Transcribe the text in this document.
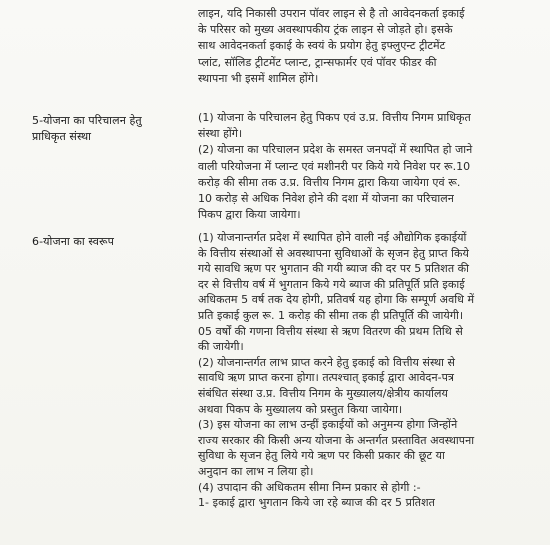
लाइन, यदि निकासी उपरान पॉवर लाइन से है तो आवेदनकर्ता इकाई
के परिसर को मुख्य अवस्थापकीय ट्रंक लाइन से जोड़ते हो। इसके
साथ आवेदनकर्ता इकाई के स्वयं के प्रयोग हेतु इफ्लुएन्ट ट्रीटमेंट
प्लांट, सॉलिड ट्रीटमेंट प्लान्ट, ट्रान्सफार्मर एवं पॉवर फीडर की
स्थापना भी इसमें शामिल होंगे।
5-योजना का परिचालन हेतु
प्राधिकृत संस्था
(1) योजना के परिचालन हेतु पिकप एवं उ.प्र. वित्तीय निगम प्राधिकृत
संस्था होंगे।
(2) योजना का परिचालन प्रदेश के समस्त जनपदों में स्थापित हो जाने
वाली परियोजना में प्लान्ट एवं मशीनरी पर किये गये निवेश पर रू.10
करोड़ की सीमा तक उ.प्र. वित्तीय निगम द्वारा किया जायेगा एवं रू.
10 करोड़ से अधिक निवेश होने की दशा में योजना का परिचालन
पिकप द्वारा किया जायेगा।
6-योजना का स्वरूप	(1) योजनान्तर्गत प्रदेश में स्थापित होने वाली नई औद्योगिक इकाईयों
के वित्तीय संस्थाओं से अवस्थापना सुविधाओं के सृजन हेतु प्राप्त किये
गये सावधि ऋण पर भुगतान की गयी ब्याज की दर पर 5 प्रतिशत की
दर से वित्तीय वर्ष में भुगतान किये गये ब्याज की प्रतिपूर्ति प्रति इकाई
अधिकतम 5 वर्ष तक देय होगी, प्रतिवर्ष यह होगा कि सम्पूर्ण अवधि में
प्रति इकाई कुल रू. 1 करोड़ की सीमा तक ही प्रतिपूर्ति की जायेगी।
05 वर्षों की गणना वित्तीय संस्था से ऋण वितरण की प्रथम तिथि से
की जायेगी।
(2) योजनान्तर्गत लाभ प्राप्त करने हेतु इकाई को वित्तीय संस्था से
सावधि ऋण प्राप्त करना होगा। तत्पश्चात् इकाई द्वारा आवेदन-पत्र
संबंधित संस्था उ.प्र. वित्तीय निगम के मुख्यालय/क्षेत्रीय कार्यालय
अथवा पिकप के मुख्यालय को प्रस्तुत किया जायेगा।
(3) इस योजना का लाभ उन्हीं इकाईयों को अनुमन्य होगा जिन्होंने
राज्य सरकार की किसी अन्य योजना के अन्तर्गत प्रस्तावित अवस्थापना
सुविधा के सृजन हेतु लिये गये ऋण पर किसी प्रकार की छूट या
अनुदान का लाभ न लिया हो।
(4) उपादान की अधिकतम सीमा निम्न प्रकार से होगी :-
1- इकाई द्वारा भुगतान किये जा रहे ब्याज की दर 5 प्रतिशत
